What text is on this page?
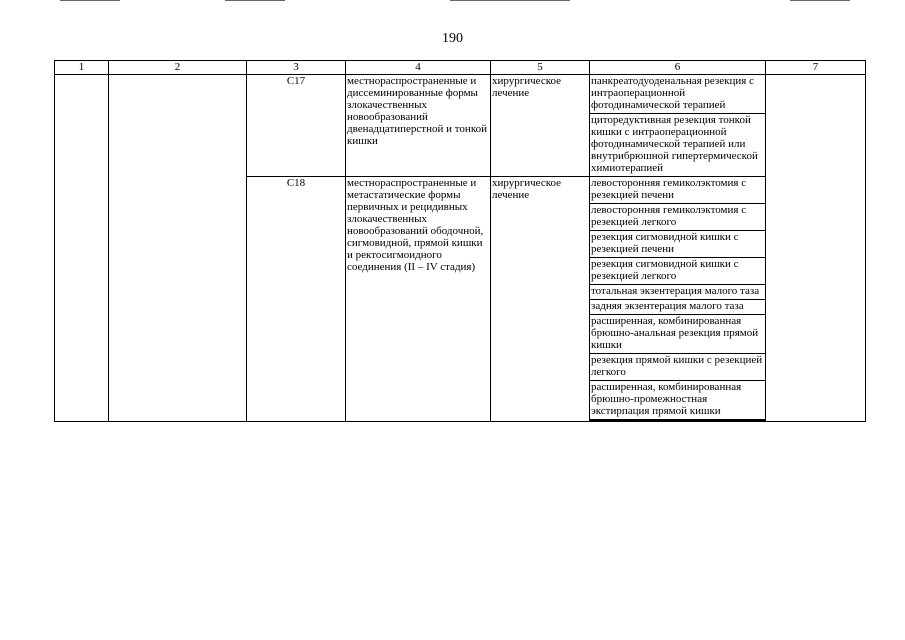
190
1	2	3	4	5	6	7
		C17	местнораспространенные и диссеминированные формы злокачественных новообразований двенадцатиперстной и тонкой кишки	хирургическое лечение	панкреатодуоденальная резекция с интраоперационной фотодинамической терапией	
					циторедуктивная резекция тонкой кишки с интраоперационной фотодинамической терапией или внутрибрюшной гипертермической химиотерапией	
		C18	местнораспространенные и метастатические формы первичных и рецидивных злокачественных новообразований ободочной, сигмовидной, прямой кишки и ректосигмоидного соединения (II – IV стадия)	хирургическое лечение	левосторонняя гемиколэктомия с резекцией печени	
					левосторонняя гемиколэктомия с резекцией легкого	
					резекция сигмовидной кишки с резекцией печени	
					резекция сигмовидной кишки с резекцией легкого	
					тотальная экзентерация малого таза	
					задняя экзентерация малого таза	
					расширенная, комбинированная брюшно-анальная резекция прямой кишки	
					резекция прямой кишки с резекцией легкого	
					расширенная, комбинированная брюшно-промежностная экстирпация прямой кишки	
